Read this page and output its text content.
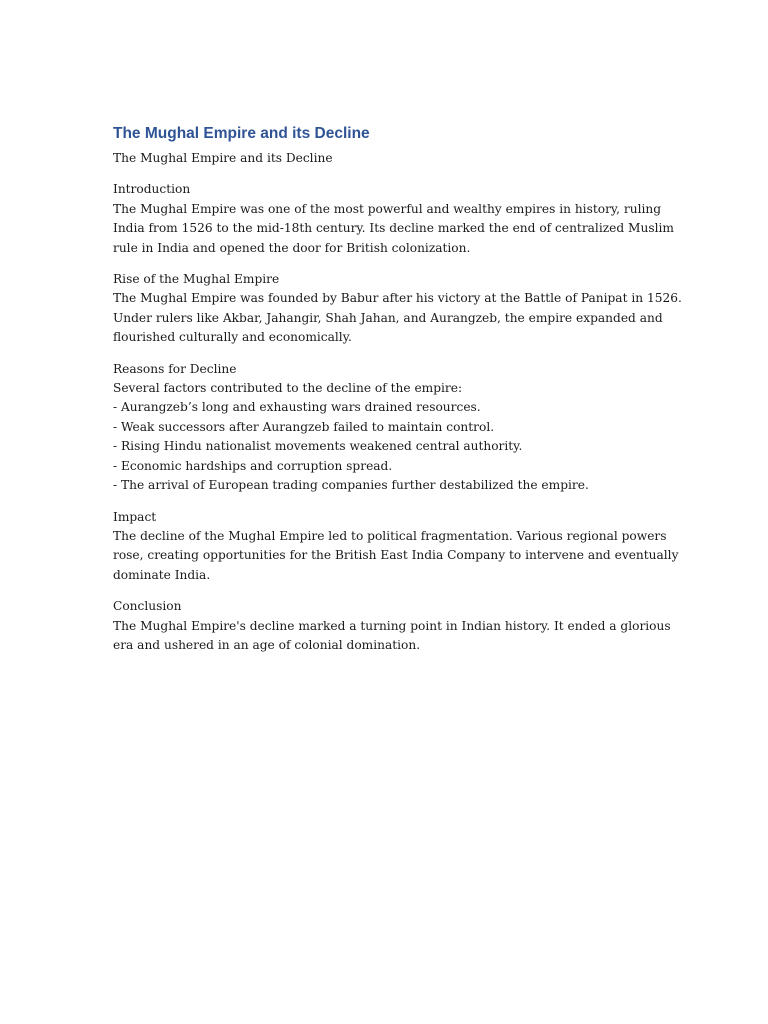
The Mughal Empire and its Decline

The Mughal Empire and its Decline

Introduction
The Mughal Empire was one of the most powerful and wealthy empires in history, ruling
India from 1526 to the mid-18th century. Its decline marked the end of centralized Muslim
rule in India and opened the door for British colonization.

Rise of the Mughal Empire
The Mughal Empire was founded by Babur after his victory at the Battle of Panipat in 1526.
Under rulers like Akbar, Jahangir, Shah Jahan, and Aurangzeb, the empire expanded and
flourished culturally and economically.

Reasons for Decline
Several factors contributed to the decline of the empire:
- Aurangzeb’s long and exhausting wars drained resources.
- Weak successors after Aurangzeb failed to maintain control.
- Rising Hindu nationalist movements weakened central authority.
- Economic hardships and corruption spread.
- The arrival of European trading companies further destabilized the empire.

Impact
The decline of the Mughal Empire led to political fragmentation. Various regional powers
rose, creating opportunities for the British East India Company to intervene and eventually
dominate India.

Conclusion
The Mughal Empire's decline marked a turning point in Indian history. It ended a glorious
era and ushered in an age of colonial domination.
